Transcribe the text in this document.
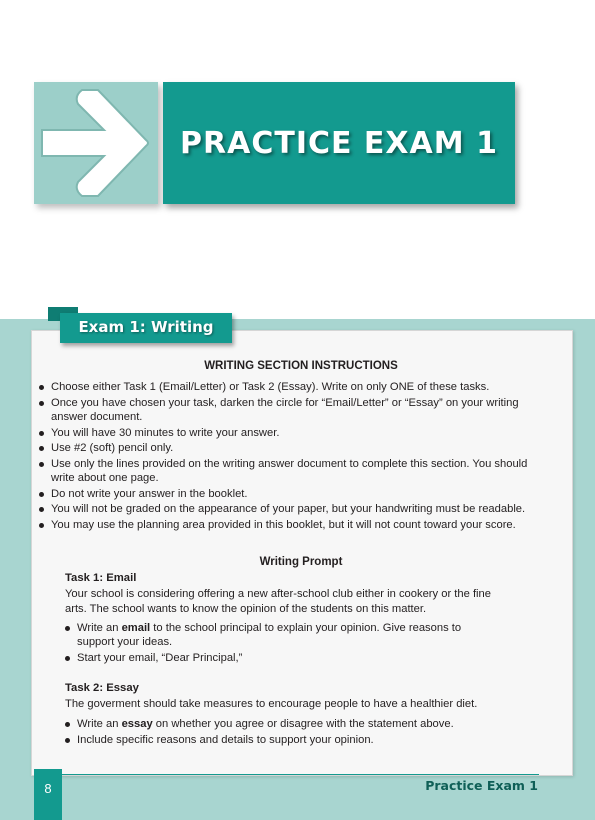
PRACTICE EXAM 1
Exam 1: Writing
WRITING SECTION INSTRUCTIONS
Choose either Task 1 (Email/Letter) or Task 2 (Essay). Write on only ONE of these tasks.
Once you have chosen your task, darken the circle for “Email/Letter” or “Essay” on your writing answer document.
You will have 30 minutes to write your answer.
Use #2 (soft) pencil only.
Use only the lines provided on the writing answer document to complete this section. You should write about one page.
Do not write your answer in the booklet.
You will not be graded on the appearance of your paper, but your handwriting must be readable.
You may use the planning area provided in this booklet, but it will not count toward your score.
Writing Prompt
Task 1: Email
Your school is considering offering a new after-school club either in cookery or the fine arts. The school wants to know the opinion of the students on this matter.
Write an email to the school principal to explain your opinion. Give reasons to support your ideas.
Start your email, “Dear Principal,”
Task 2: Essay
The goverment should take measures to encourage people to have a healthier diet.
Write an essay on whether you agree or disagree with the statement above.
Include specific reasons and details to support your opinion.
8	Practice Exam 1
